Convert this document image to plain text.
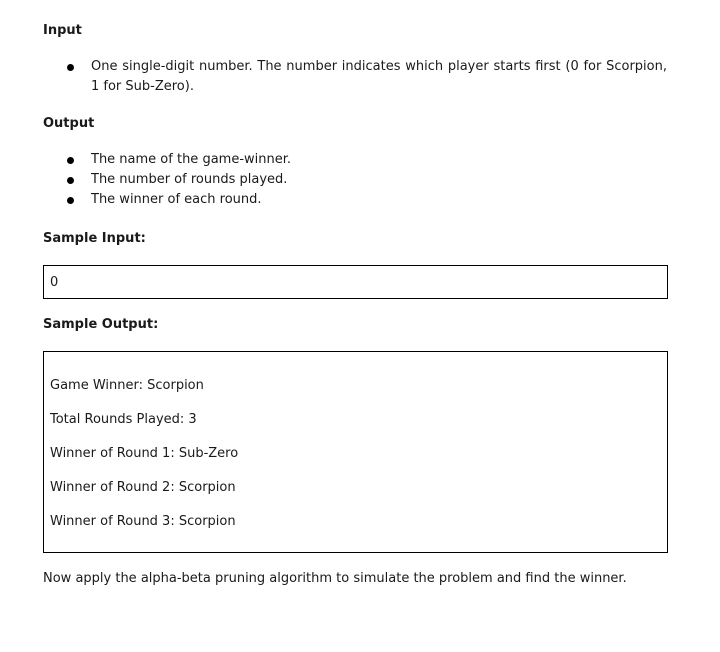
Input
One single-digit number. The number indicates which player starts first (0 for Scorpion, 1 for Sub-Zero).
Output
The name of the game-winner.
The number of rounds played.
The winner of each round.
Sample Input:
0
Sample Output:
Game Winner: Scorpion
Total Rounds Played: 3
Winner of Round 1: Sub-Zero
Winner of Round 2: Scorpion
Winner of Round 3: Scorpion
Now apply the alpha-beta pruning algorithm to simulate the problem and find the winner.
